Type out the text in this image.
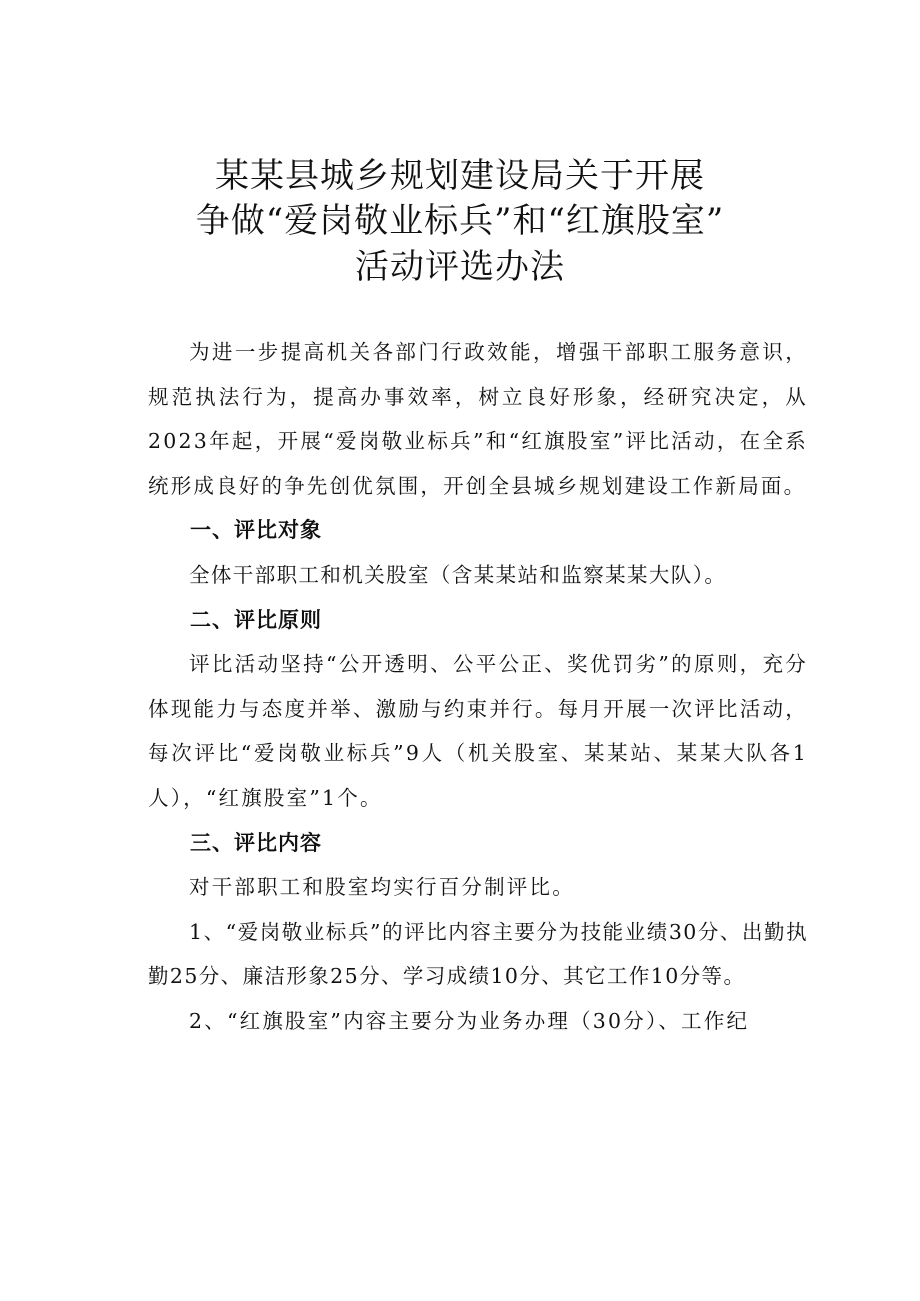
某某县城乡规划建设局关于开展
争做“爱岗敬业标兵”和“红旗股室”
活动评选办法

为进一步提高机关各部门行政效能，增强干部职工服务意识，规范执法行为，提高办事效率，树立良好形象，经研究决定，从2023年起，开展“爱岗敬业标兵”和“红旗股室”评比活动，在全系统形成良好的争先创优氛围，开创全县城乡规划建设工作新局面。

一、评比对象

全体干部职工和机关股室（含某某站和监察某某大队）。

二、评比原则

评比活动坚持“公开透明、公平公正、奖优罚劣”的原则，充分体现能力与态度并举、激励与约束并行。每月开展一次评比活动，每次评比“爱岗敬业标兵”9人（机关股室、某某站、某某大队各1人），“红旗股室”1个。

三、评比内容

对干部职工和股室均实行百分制评比。

1、“爱岗敬业标兵”的评比内容主要分为技能业绩30分、出勤执勤25分、廉洁形象25分、学习成绩10分、其它工作10分等。

2、“红旗股室”内容主要分为业务办理（30分）、工作纪
